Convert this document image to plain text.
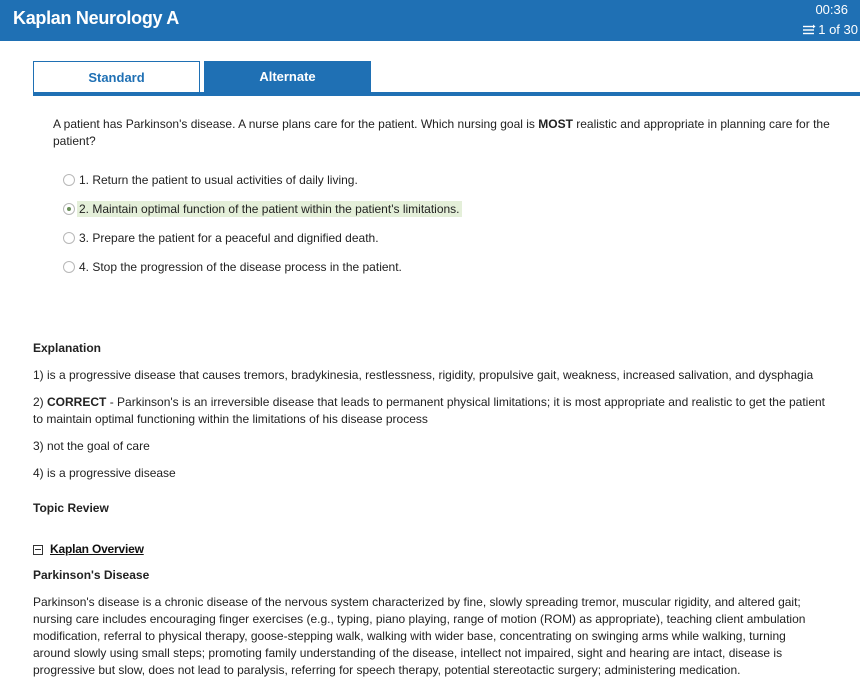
Kaplan Neurology A	00:36
1 of 30
Standard	Alternate
A patient has Parkinson's disease. A nurse plans care for the patient. Which nursing goal is MOST realistic and appropriate in planning care for the patient?
1. Return the patient to usual activities of daily living.
2. Maintain optimal function of the patient within the patient's limitations.
3. Prepare the patient for a peaceful and dignified death.
4. Stop the progression of the disease process in the patient.
Explanation
1) is a progressive disease that causes tremors, bradykinesia, restlessness, rigidity, propulsive gait, weakness, increased salivation, and dysphagia
2) CORRECT - Parkinson's is an irreversible disease that leads to permanent physical limitations; it is most appropriate and realistic to get the patient to maintain optimal functioning within the limitations of his disease process
3) not the goal of care
4) is a progressive disease
Topic Review
Kaplan Overview
Parkinson's Disease
Parkinson's disease is a chronic disease of the nervous system characterized by fine, slowly spreading tremor, muscular rigidity, and altered gait; nursing care includes encouraging finger exercises (e.g., typing, piano playing, range of motion (ROM) as appropriate), teaching client ambulation modification, referral to physical therapy, goose-stepping walk, walking with wider base, concentrating on swinging arms while walking, turning around slowly using small steps; promoting family understanding of the disease, intellect not impaired, sight and hearing are intact, disease is progressive but slow, does not lead to paralysis, referring for speech therapy, potential stereotactic surgery; administering medication.
